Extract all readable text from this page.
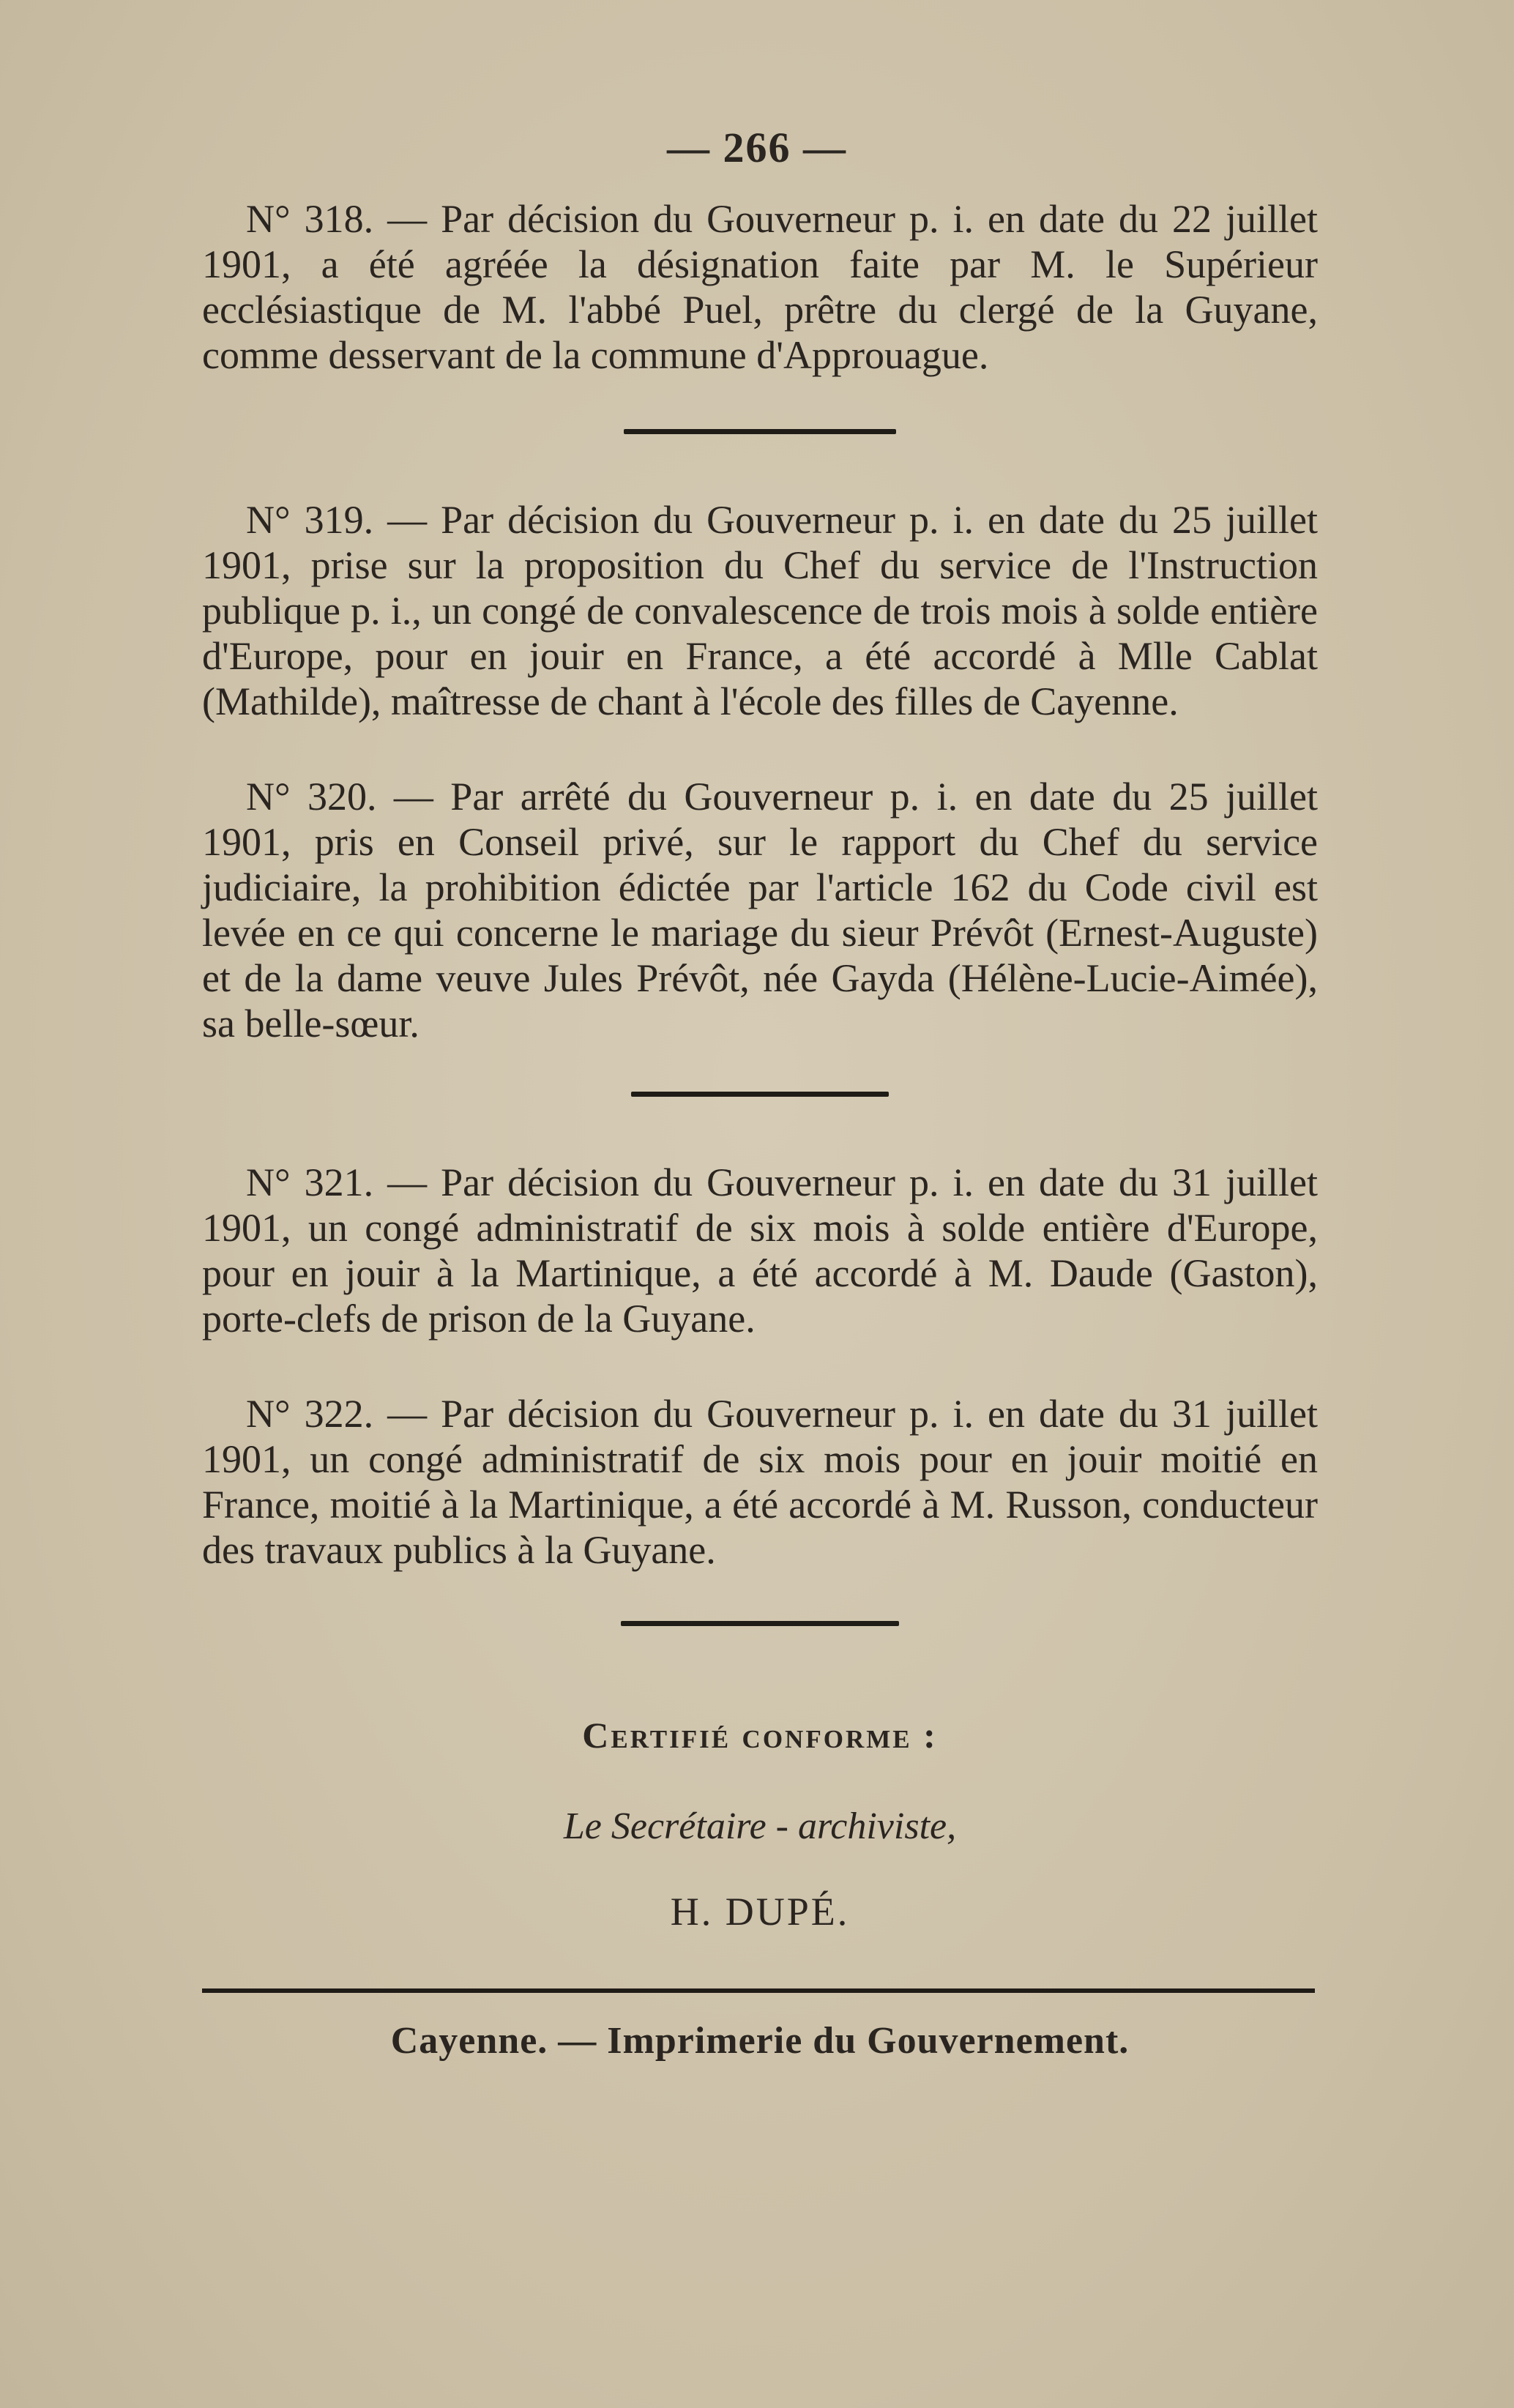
— 266 —

N° 318. — Par décision du Gouverneur p. i. en date du 22 juillet 1901, a été agréée la désignation faite par M. le Supérieur ecclésiastique de M. l'abbé Puel, prêtre du clergé de la Guyane, comme desservant de la commune d'Approuague.

N° 319. — Par décision du Gouverneur p. i. en date du 25 juillet 1901, prise sur la proposition du Chef du service de l'Instruction publique p. i., un congé de convalescence de trois mois à solde entière d'Europe, pour en jouir en France, a été accordé à Mlle Cablat (Mathilde), maîtresse de chant à l'école des filles de Cayenne.

N° 320. — Par arrêté du Gouverneur p. i. en date du 25 juillet 1901, pris en Conseil privé, sur le rapport du Chef du service judiciaire, la prohibition édictée par l'article 162 du Code civil est levée en ce qui concerne le mariage du sieur Prévôt (Ernest-Auguste) et de la dame veuve Jules Prévôt, née Gayda (Hélène-Lucie-Aimée), sa belle-sœur.

N° 321. — Par décision du Gouverneur p. i. en date du 31 juillet 1901, un congé administratif de six mois à solde entière d'Europe, pour en jouir à la Martinique, a été accordé à M. Daude (Gaston), porte-clefs de prison de la Guyane.

N° 322. — Par décision du Gouverneur p. i. en date du 31 juillet 1901, un congé administratif de six mois pour en jouir moitié en France, moitié à la Martinique, a été accordé à M. Russon, conducteur des travaux publics à la Guyane.

Certifié conforme :

Le Secrétaire - archiviste,

H. DUPÉ.

Cayenne. — Imprimerie du Gouvernement.
